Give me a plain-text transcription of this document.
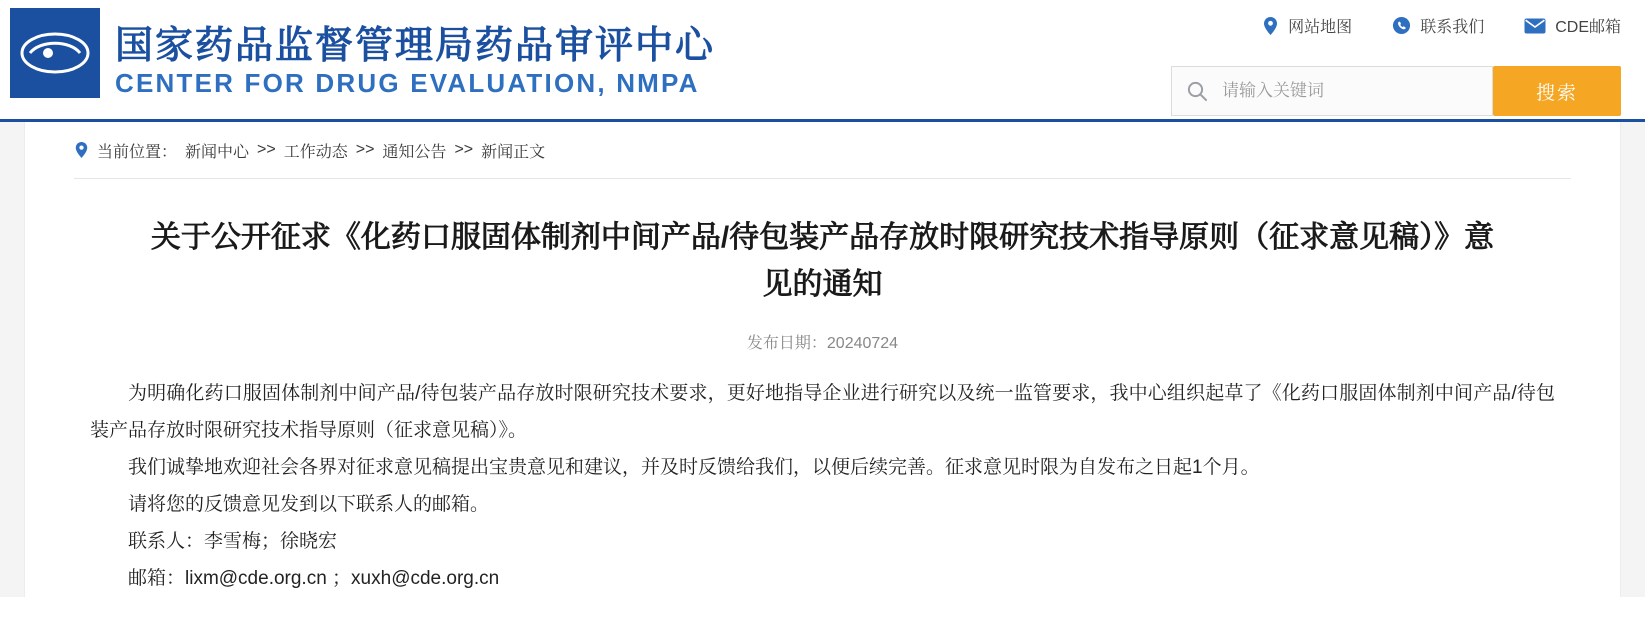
国家药品监督管理局药品审评中心
CENTER FOR DRUG EVALUATION, NMPA
网站地图	联系我们	CDE邮箱
请输入关键词
搜索
当前位置： 新闻中心 >> 工作动态 >> 通知公告 >> 新闻正文
关于公开征求《化药口服固体制剂中间产品/待包装产品存放时限研究技术指导原则（征求意见稿）》意见的通知
发布日期：20240724

为明确化药口服固体制剂中间产品/待包装产品存放时限研究技术要求，更好地指导企业进行研究以及统一监管要求，我中心组织起草了《化药口服固体制剂中间产品/待包装产品存放时限研究技术指导原则（征求意见稿）》。

我们诚挚地欢迎社会各界对征求意见稿提出宝贵意见和建议，并及时反馈给我们，以便后续完善。征求意见时限为自发布之日起1个月。

请将您的反馈意见发到以下联系人的邮箱。

联系人：李雪梅；徐晓宏

邮箱：lixm@cde.org.cn ；xuxh@cde.org.cn
